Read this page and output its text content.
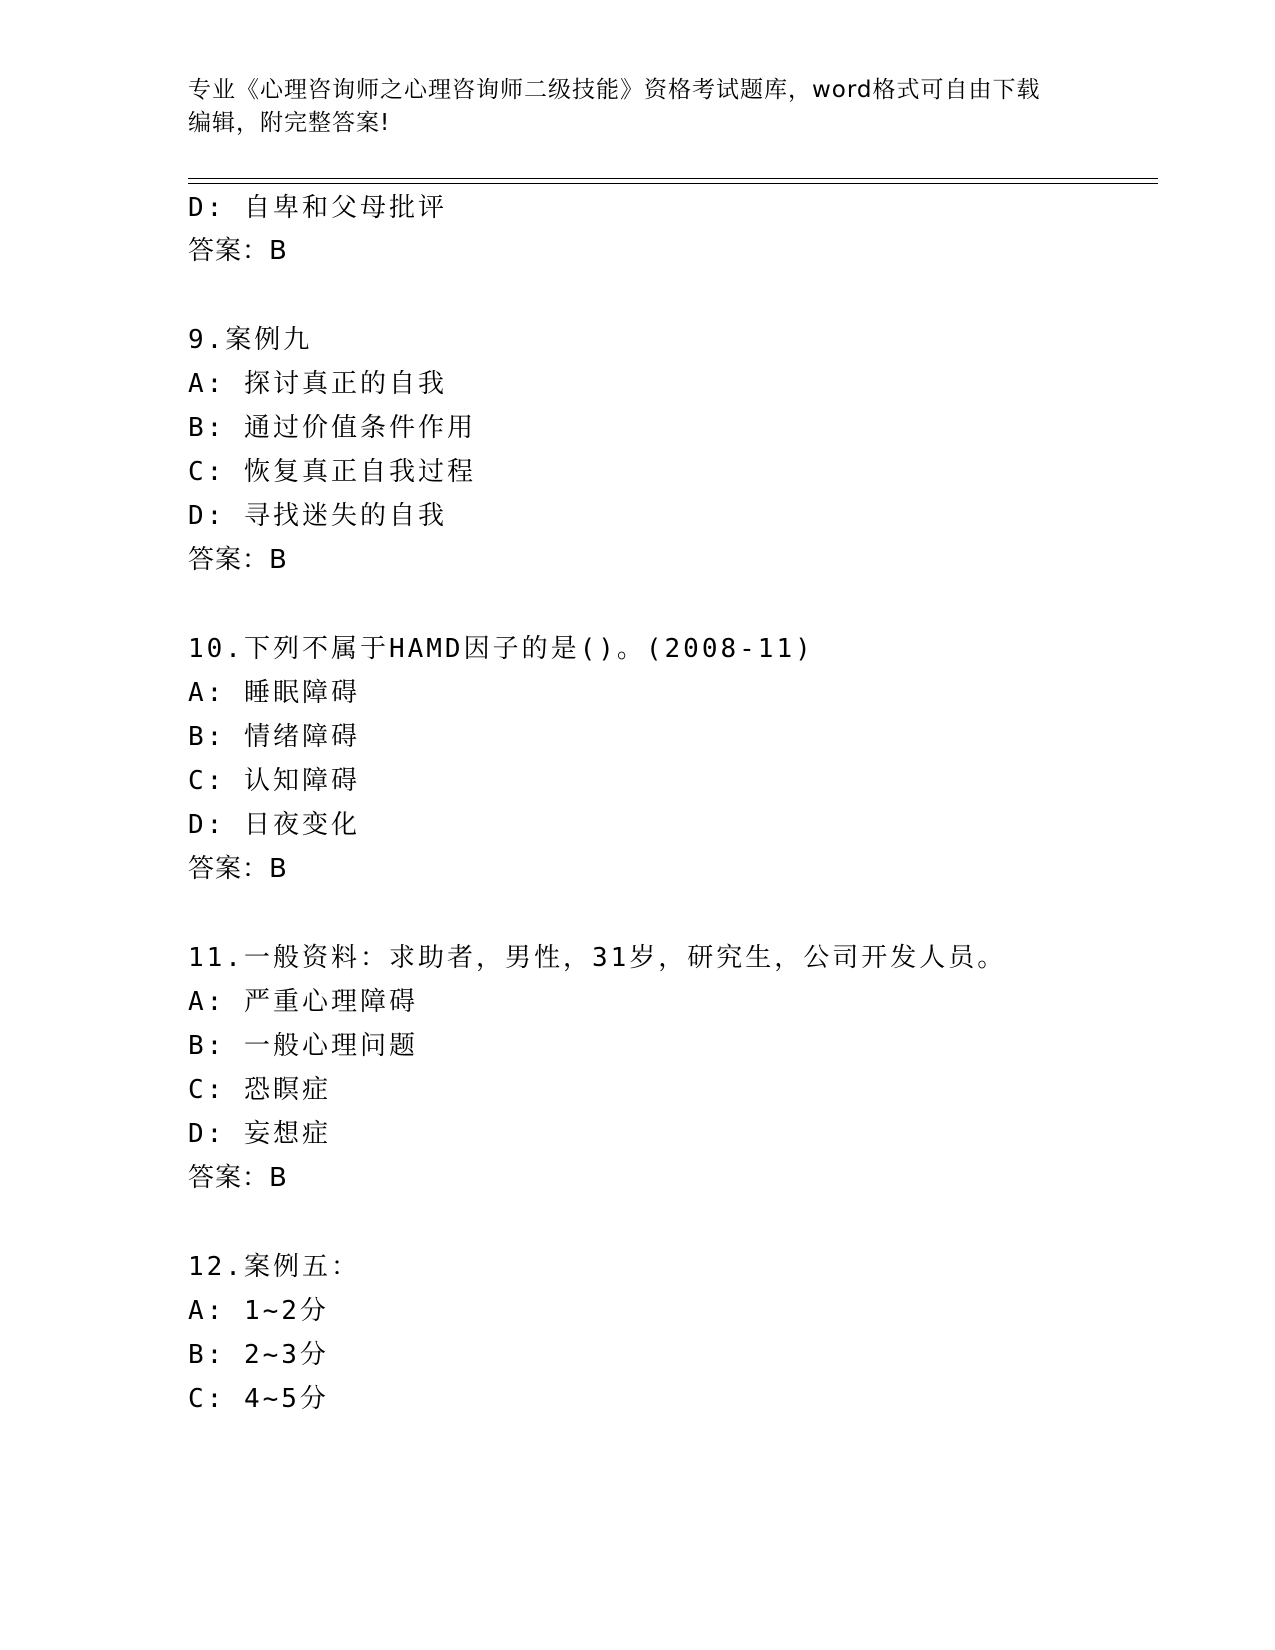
专业《心理咨询师之心理咨询师二级技能》资格考试题库，word格式可自由下载
编辑，附完整答案!
D: 自卑和父母批评
答案：B
9.案例九
A: 探讨真正的自我
B: 通过价值条件作用
C: 恢复真正自我过程
D: 寻找迷失的自我
答案：B
10.下列不属于HAMD因子的是()。(2008-11)
A: 睡眠障碍
B: 情绪障碍
C: 认知障碍
D: 日夜变化
答案：B
11.一般资料：求助者，男性，31岁，研究生，公司开发人员。
A: 严重心理障碍
B: 一般心理问题
C: 恐瞑症
D: 妄想症
答案：B
12.案例五：
A: 1~2分
B: 2~3分
C: 4~5分
